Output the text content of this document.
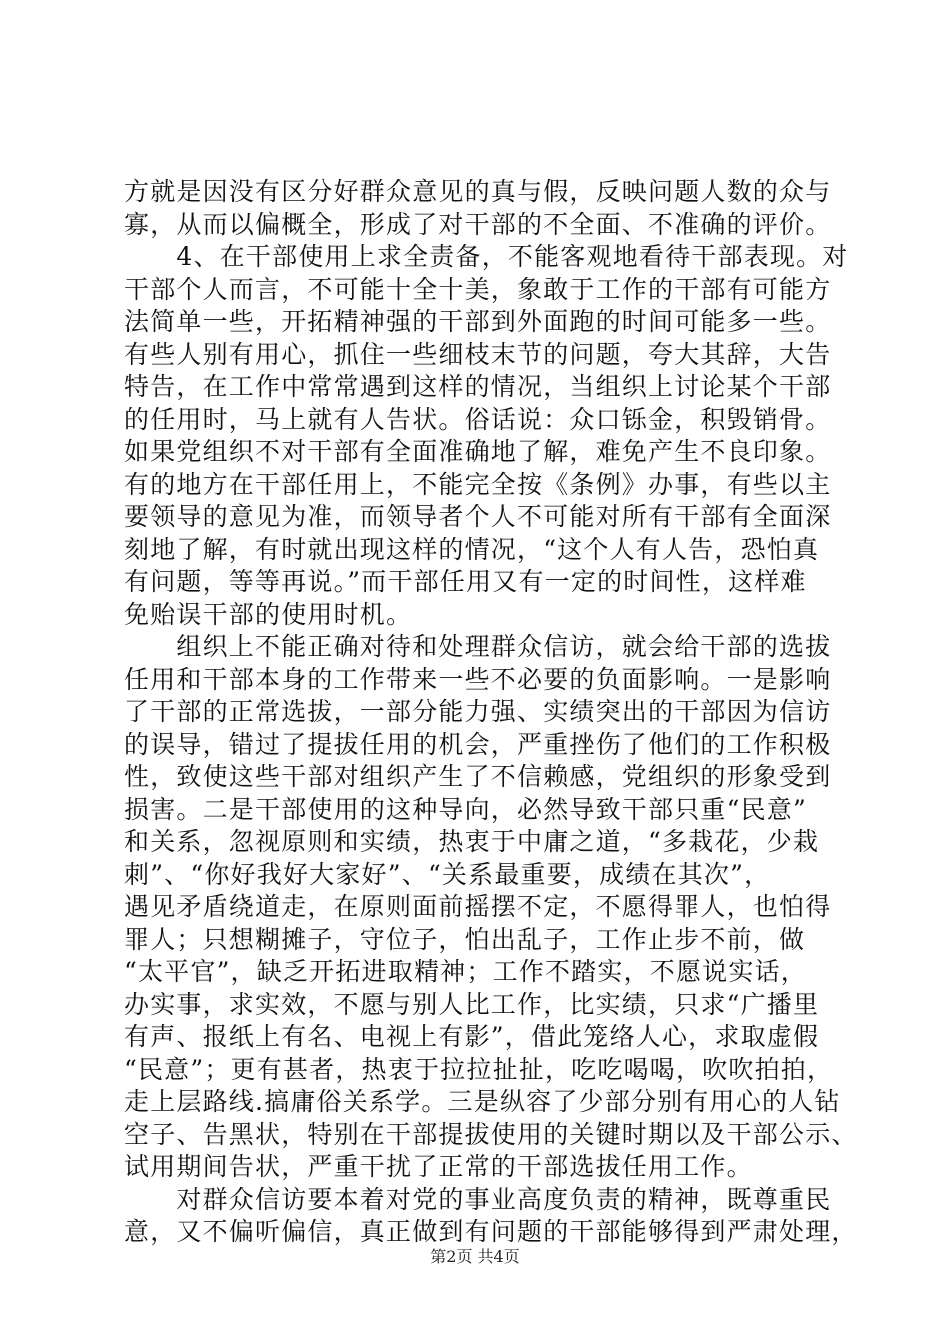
方就是因没有区分好群众意见的真与假，反映问题人数的众与
寡，从而以偏概全，形成了对干部的不全面、不准确的评价。
　　4、在干部使用上求全责备，不能客观地看待干部表现。对
干部个人而言，不可能十全十美，象敢于工作的干部有可能方
法简单一些，开拓精神强的干部到外面跑的时间可能多一些。
有些人别有用心，抓住一些细枝末节的问题，夸大其辞，大告
特告，在工作中常常遇到这样的情况，当组织上讨论某个干部
的任用时，马上就有人告状。俗话说：众口铄金，积毁销骨。
如果党组织不对干部有全面准确地了解，难免产生不良印象。
有的地方在干部任用上，不能完全按《条例》办事，有些以主
要领导的意见为准，而领导者个人不可能对所有干部有全面深
刻地了解，有时就出现这样的情况，“这个人有人告，恐怕真
有问题，等等再说。”而干部任用又有一定的时间性，这样难
免贻误干部的使用时机。
　　组织上不能正确对待和处理群众信访，就会给干部的选拔
任用和干部本身的工作带来一些不必要的负面影响。一是影响
了干部的正常选拔，一部分能力强、实绩突出的干部因为信访
的误导，错过了提拔任用的机会，严重挫伤了他们的工作积极
性，致使这些干部对组织产生了不信赖感，党组织的形象受到
损害。二是干部使用的这种导向，必然导致干部只重“民意”
和关系，忽视原则和实绩，热衷于中庸之道，“多栽花，少栽
刺”、“你好我好大家好”、“关系最重要，成绩在其次”，
遇见矛盾绕道走，在原则面前摇摆不定，不愿得罪人，也怕得
罪人；只想糊摊子，守位子，怕出乱子，工作止步不前，做
“太平官”，缺乏开拓进取精神；工作不踏实，不愿说实话，
办实事，求实效，不愿与别人比工作，比实绩，只求“广播里
有声、报纸上有名、电视上有影”，借此笼络人心，求取虚假
“民意”；更有甚者，热衷于拉拉扯扯，吃吃喝喝，吹吹拍拍，
走上层路线.搞庸俗关系学。三是纵容了少部分别有用心的人钻
空子、告黑状，特别在干部提拔使用的关键时期以及干部公示、
试用期间告状，严重干扰了正常的干部选拔任用工作。
　　对群众信访要本着对党的事业高度负责的精神，既尊重民
意，又不偏听偏信，真正做到有问题的干部能够得到严肃处理，
第2页 共4页
